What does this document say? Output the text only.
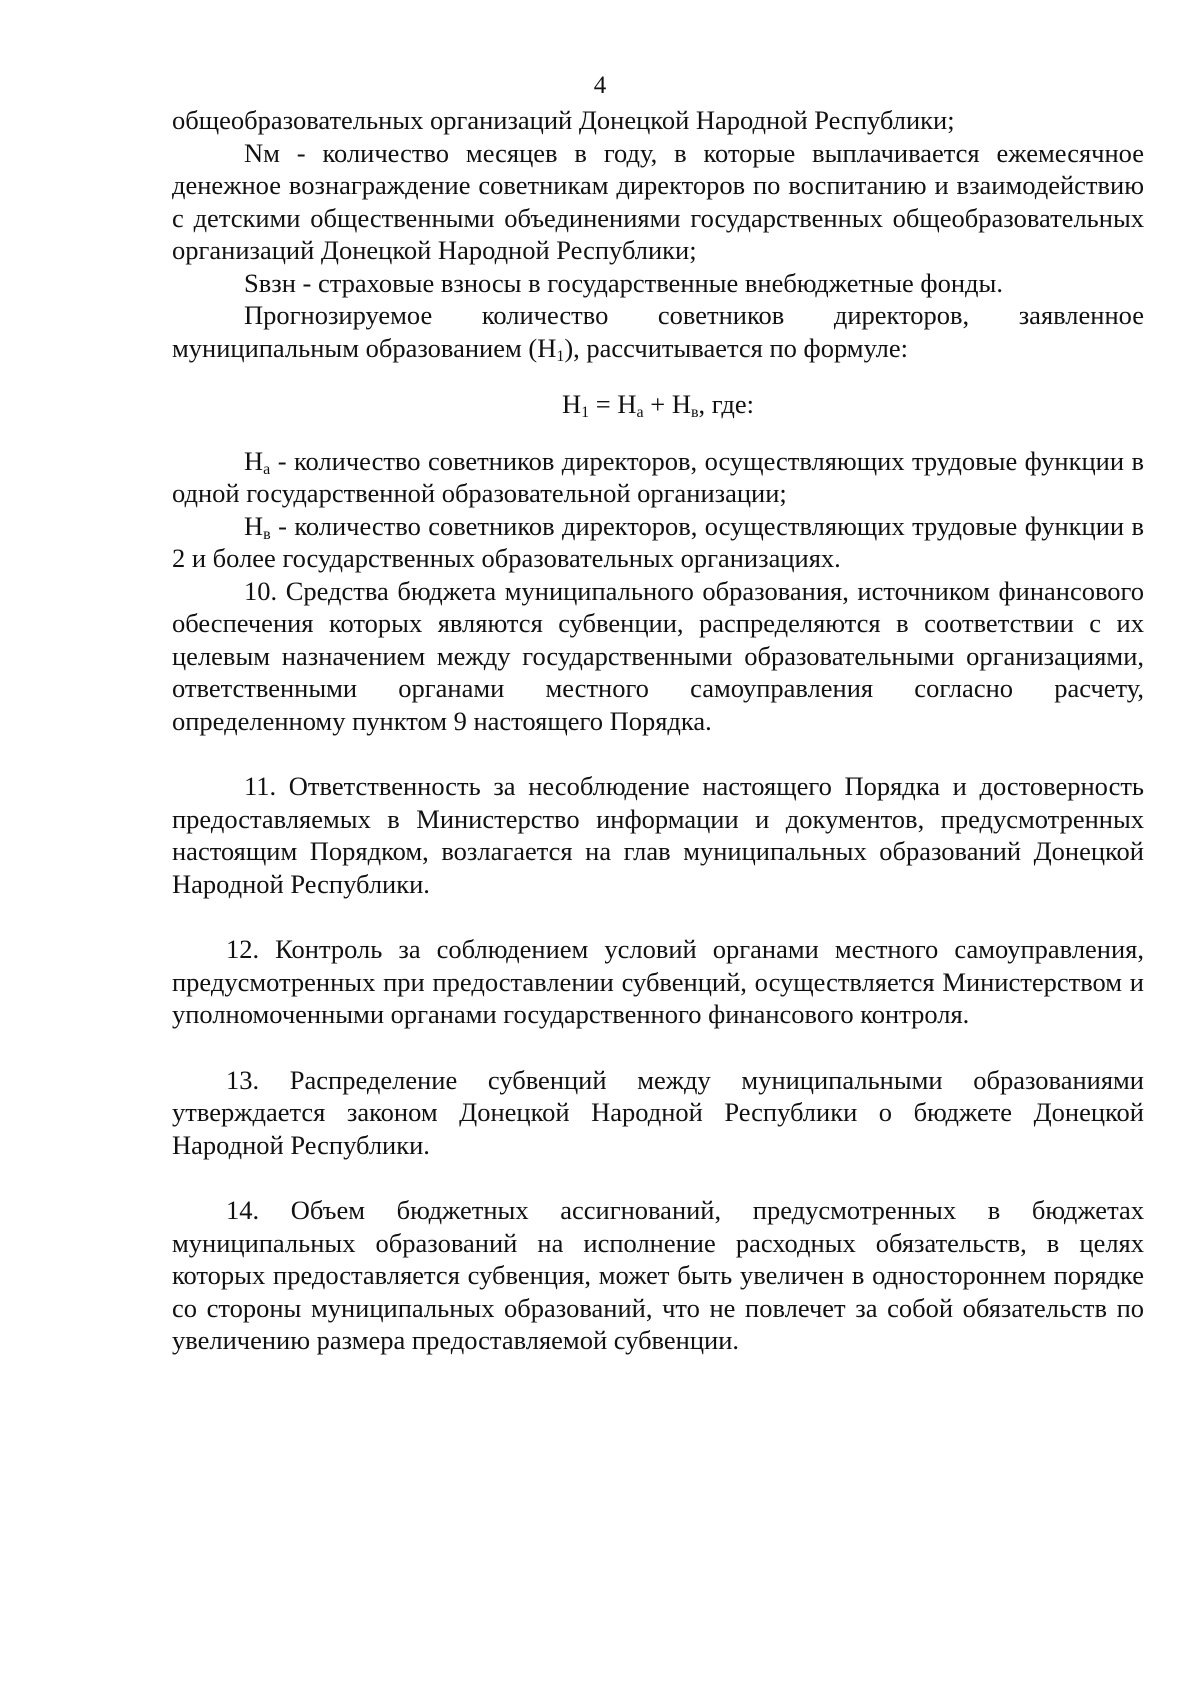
4

общеобразовательных организаций Донецкой Народной Республики;

Nм - количество месяцев в году, в которые выплачивается ежемесячное денежное вознаграждение советникам директоров по воспитанию и взаимодействию с детскими общественными объединениями государственных общеобразовательных организаций Донецкой Народной Республики;

Sвзн - страховые взносы в государственные внебюджетные фонды.

Прогнозируемое количество советников директоров, заявленное муниципальным образованием $(Н_1)$, рассчитывается по формуле:

$Н_1 = Н_а + Н_в$, где:

$Н_а$ - количество советников директоров, осуществляющих трудовые функции в одной государственной образовательной организации;

$Н_в$ - количество советников директоров, осуществляющих трудовые функции в 2 и более государственных образовательных организациях.

10. Средства бюджета муниципального образования, источником финансового обеспечения которых являются субвенции, распределяются в соответствии с их целевым назначением между государственными образовательными организациями, ответственными органами местного самоуправления согласно расчету, определенному пунктом 9 настоящего Порядка.

11. Ответственность за несоблюдение настоящего Порядка и достоверность предоставляемых в Министерство информации и документов, предусмотренных настоящим Порядком, возлагается на глав муниципальных образований Донецкой Народной Республики.

12. Контроль за соблюдением условий органами местного самоуправления, предусмотренных при предоставлении субвенций, осуществляется Министерством и уполномоченными органами государственного финансового контроля.

13. Распределение субвенций между муниципальными образованиями утверждается законом Донецкой Народной Республики о бюджете Донецкой Народной Республики.

14. Объем бюджетных ассигнований, предусмотренных в бюджетах муниципальных образований на исполнение расходных обязательств, в целях которых предоставляется субвенция, может быть увеличен в одностороннем порядке со стороны муниципальных образований, что не повлечет за собой обязательств по увеличению размера предоставляемой субвенции.
